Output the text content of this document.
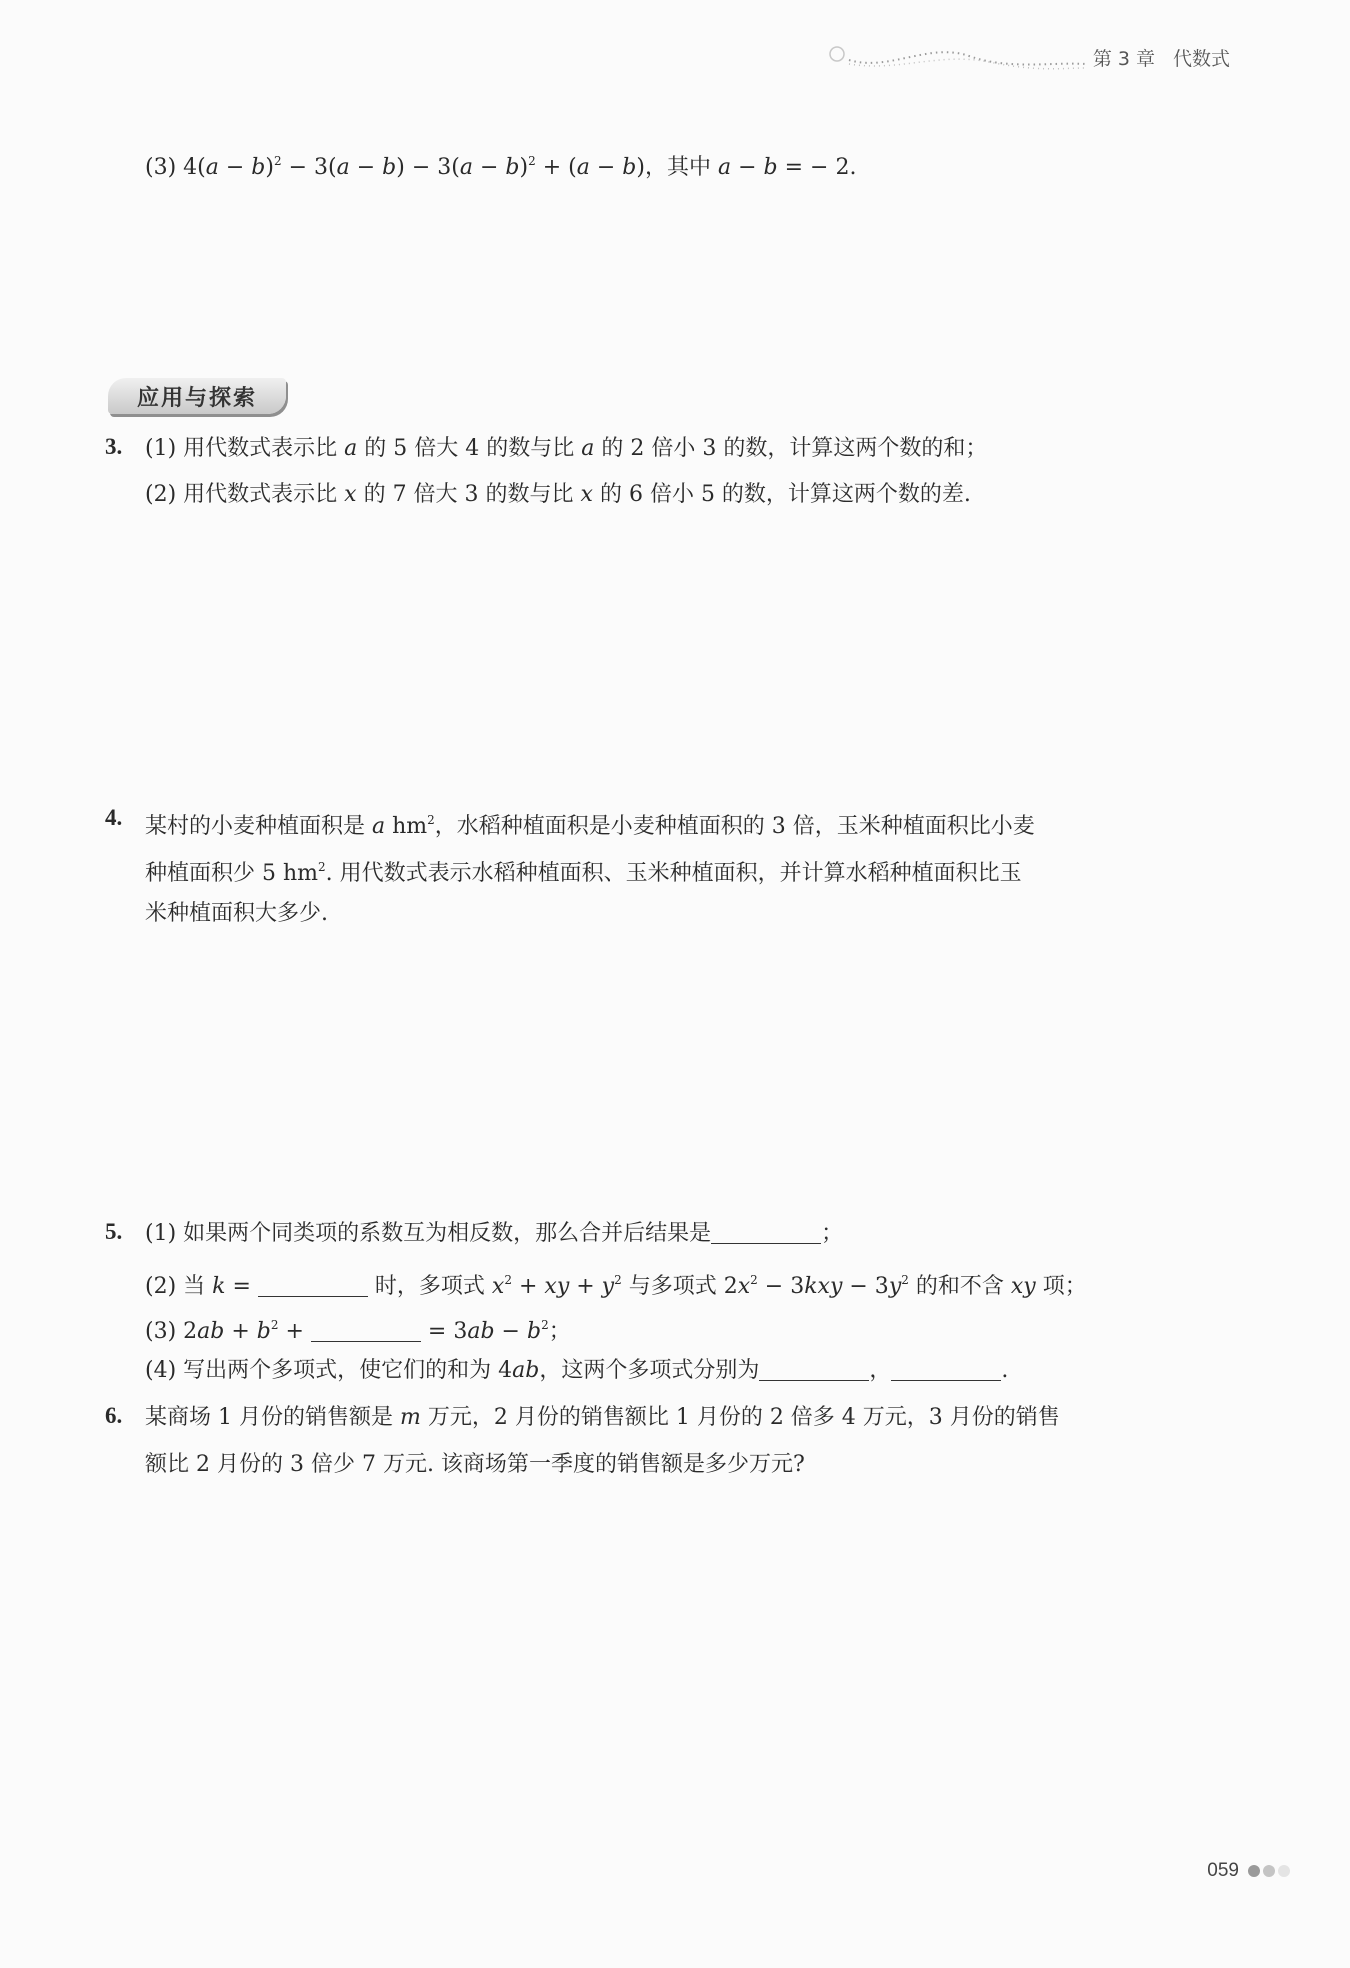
第 3 章 代数式
(3) $4(a - b)^2 - 3(a - b) - 3(a - b)^2 + (a - b)$，其中 a − b = − 2.
应用与探索
3. (1) 用代数式表示比 a 的 5 倍大 4 的数与比 a 的 2 倍小 3 的数，计算这两个数的和；
(2) 用代数式表示比 x 的 7 倍大 3 的数与比 x 的 6 倍小 5 的数，计算这两个数的差.
4. 某村的小麦种植面积是 a $hm^2$，水稻种植面积是小麦种植面积的 3 倍，玉米种植面积比小麦
种植面积少 5 $hm^2$. 用代数式表示水稻种植面积、玉米种植面积，并计算水稻种植面积比玉
米种植面积大多少.
5. (1) 如果两个同类项的系数互为相反数，那么合并后结果是	；
(2) 当 k =	时，多项式 $x^2$ + xy + $y^2$ 与多项式 $2x^2 - 3kxy - 3y^2$ 的和不含 xy 项；
(3) $2ab + b^2$ +	= $3ab - b^2$；
(4) 写出两个多项式，使它们的和为 4ab，这两个多项式分别为	，	.
6. 某商场 1 月份的销售额是 m 万元，2 月份的销售额比 1 月份的 2 倍多 4 万元，3 月份的销售
额比 2 月份的 3 倍少 7 万元. 该商场第一季度的销售额是多少万元?
059
